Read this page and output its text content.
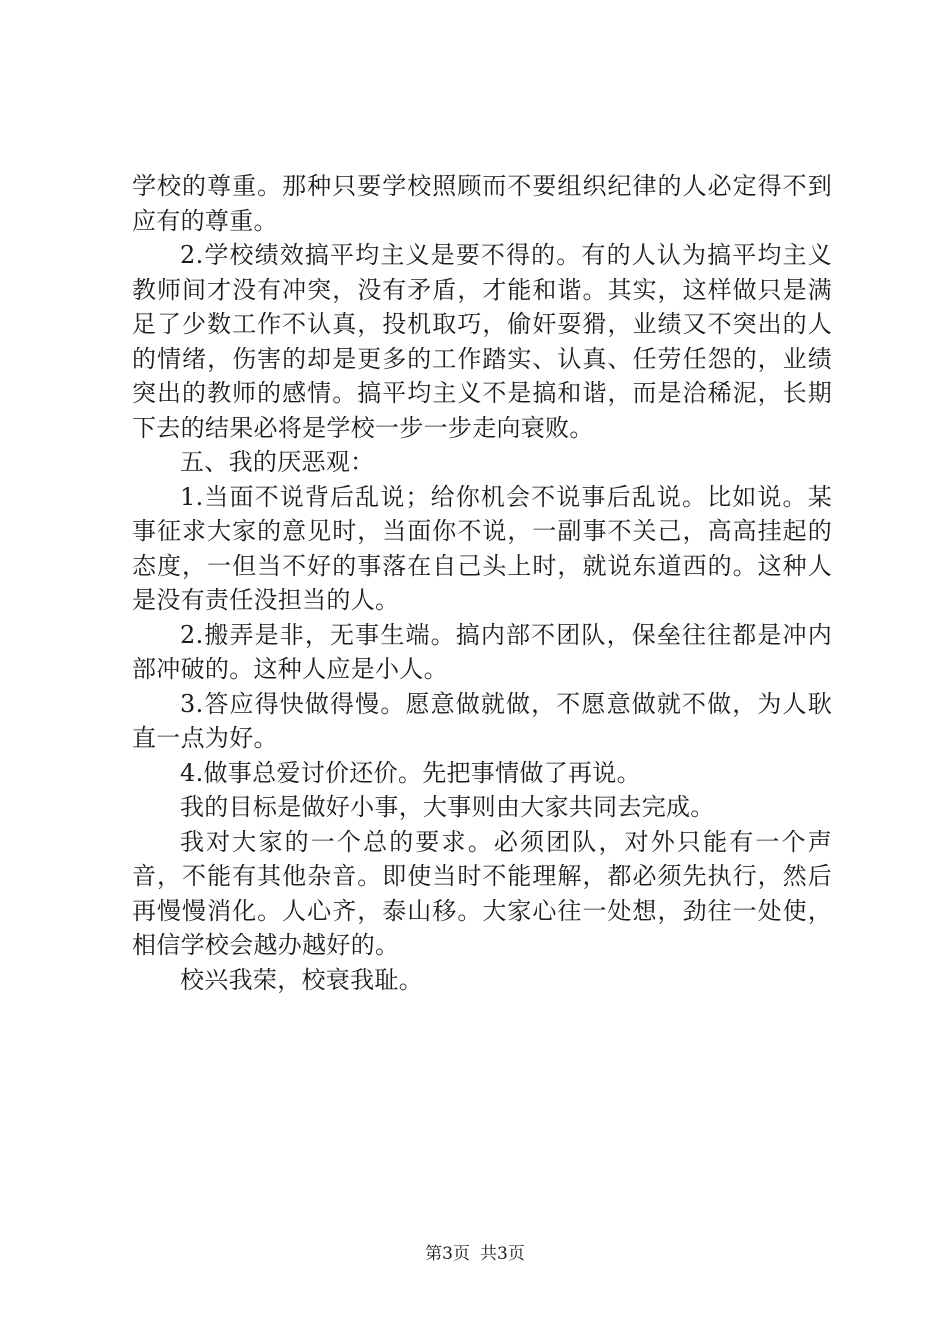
学校的尊重。那种只要学校照顾而不要组织纪律的人必定得不到应有的尊重。

2.学校绩效搞平均主义是要不得的。有的人认为搞平均主义教师间才没有冲突，没有矛盾，才能和谐。其实，这样做只是满足了少数工作不认真，投机取巧，偷奸耍猾，业绩又不突出的人的情绪，伤害的却是更多的工作踏实、认真、任劳任怨的，业绩突出的教师的感情。搞平均主义不是搞和谐，而是洽稀泥，长期下去的结果必将是学校一步一步走向衰败。

五、我的厌恶观：

1.当面不说背后乱说；给你机会不说事后乱说。比如说。某事征求大家的意见时，当面你不说，一副事不关己，高高挂起的态度，一但当不好的事落在自己头上时，就说东道西的。这种人是没有责任没担当的人。

2.搬弄是非，无事生端。搞内部不团队，保垒往往都是冲内部冲破的。这种人应是小人。

3.答应得快做得慢。愿意做就做，不愿意做就不做，为人耿直一点为好。

4.做事总爱讨价还价。先把事情做了再说。

我的目标是做好小事，大事则由大家共同去完成。

我对大家的一个总的要求。必须团队，对外只能有一个声音，不能有其他杂音。即使当时不能理解，都必须先执行，然后再慢慢消化。人心齐，泰山移。大家心往一处想，劲往一处使，相信学校会越办越好的。

校兴我荣，校衰我耻。

第3页 共3页
